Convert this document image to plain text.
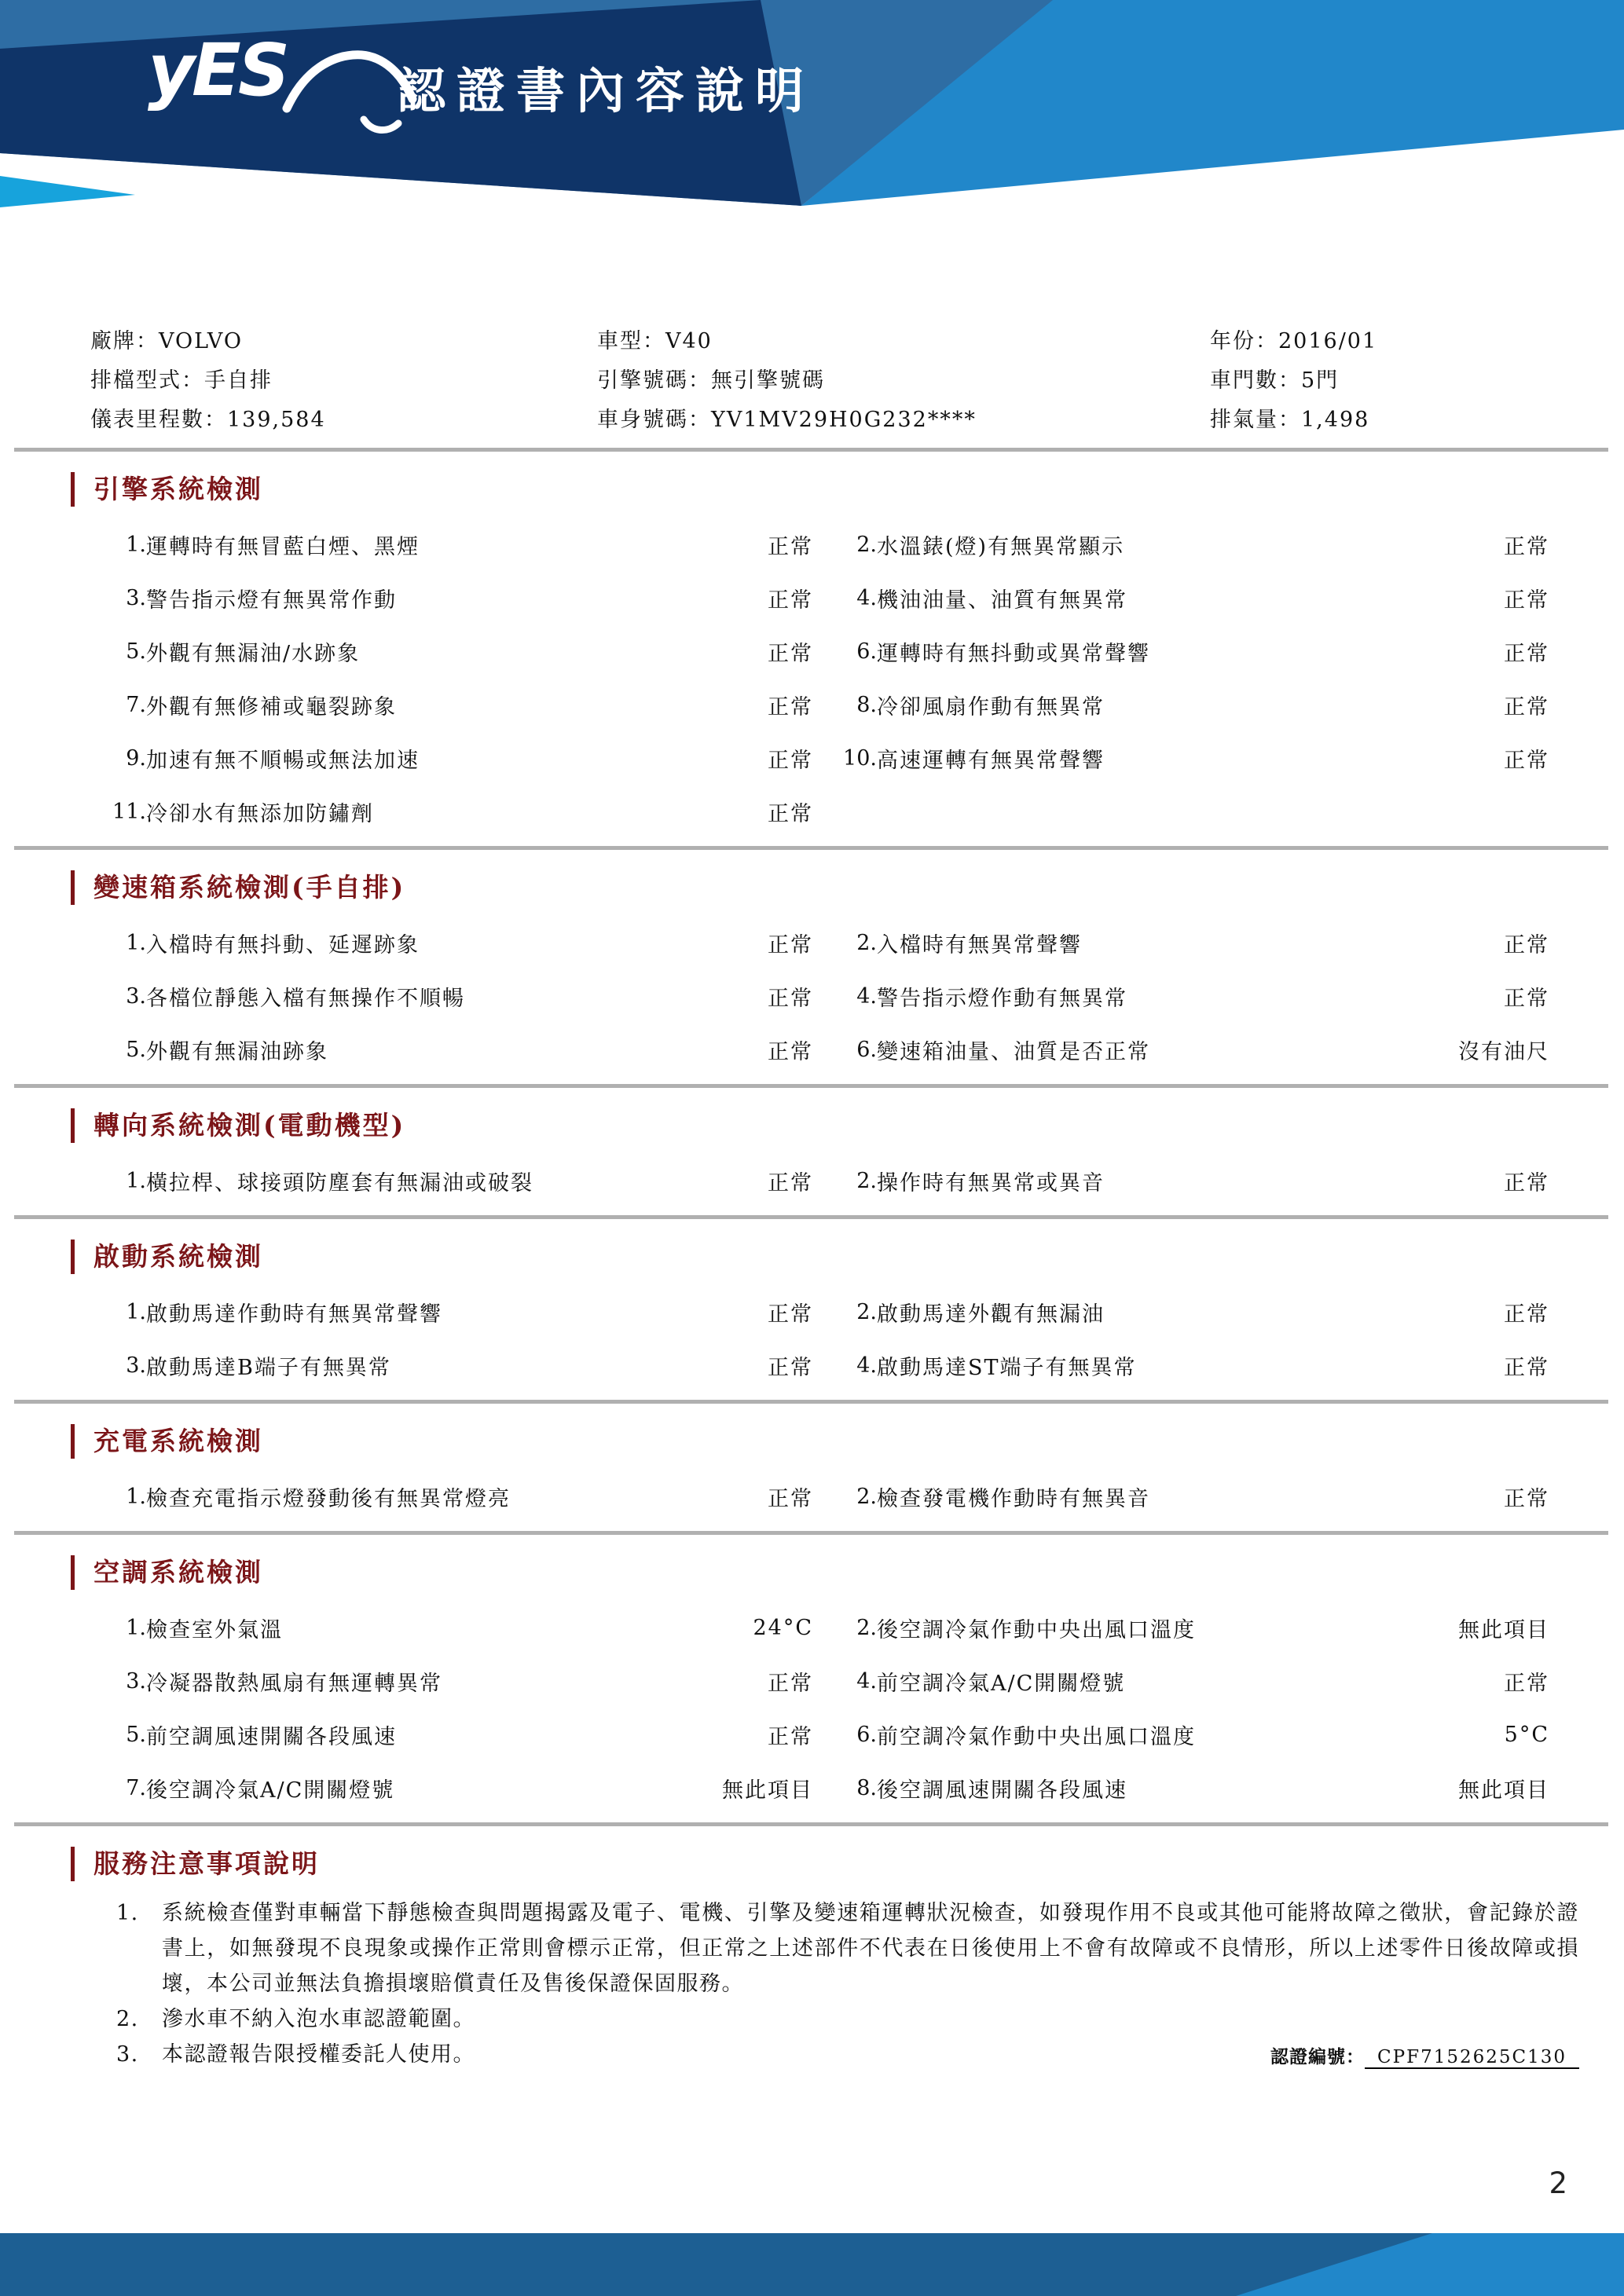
yES 認證書內容說明
廠牌：VOLVO	車型：V40	年份：2016/01
排檔型式：手自排	引擎號碼：無引擎號碼	車門數：5門
儀表里程數：139,584	車身號碼：YV1MV29H0G232****	排氣量：1,498
引擎系統檢測
1. 運轉時有無冒藍白煙、黑煙	正常	2. 水溫錶(燈)有無異常顯示	正常
3. 警告指示燈有無異常作動	正常	4. 機油油量、油質有無異常	正常
5. 外觀有無漏油/水跡象	正常	6. 運轉時有無抖動或異常聲響	正常
7. 外觀有無修補或龜裂跡象	正常	8. 冷卻風扇作動有無異常	正常
9. 加速有無不順暢或無法加速	正常	10. 高速運轉有無異常聲響	正常
11. 冷卻水有無添加防鏽劑	正常
變速箱系統檢測(手自排)
1. 入檔時有無抖動、延遲跡象	正常	2. 入檔時有無異常聲響	正常
3. 各檔位靜態入檔有無操作不順暢	正常	4. 警告指示燈作動有無異常	正常
5. 外觀有無漏油跡象	正常	6. 變速箱油量、油質是否正常	沒有油尺
轉向系統檢測(電動機型)
1. 橫拉桿、球接頭防塵套有無漏油或破裂	正常	2. 操作時有無異常或異音	正常
啟動系統檢測
1. 啟動馬達作動時有無異常聲響	正常	2. 啟動馬達外觀有無漏油	正常
3. 啟動馬達B端子有無異常	正常	4. 啟動馬達ST端子有無異常	正常
充電系統檢測
1. 檢查充電指示燈發動後有無異常燈亮	正常	2. 檢查發電機作動時有無異音	正常
空調系統檢測
1. 檢查室外氣溫	24°C	2. 後空調冷氣作動中央出風口溫度	無此項目
3. 冷凝器散熱風扇有無運轉異常	正常	4. 前空調冷氣A/C開關燈號	正常
5. 前空調風速開關各段風速	正常	6. 前空調冷氣作動中央出風口溫度	5°C
7. 後空調冷氣A/C開關燈號	無此項目	8. 後空調風速開關各段風速	無此項目
服務注意事項說明
1.	系統檢查僅對車輛當下靜態檢查與問題揭露及電子、電機、引擎及變速箱運轉狀況檢查，如發現作用不良或其他可能將故障之徵狀，會記錄於證書上，如無發現不良現象或操作正常則會標示正常，但正常之上述部件不代表在日後使用上不會有故障或不良情形，所以上述零件日後故障或損壞，本公司並無法負擔損壞賠償責任及售後保證保固服務。
2.	滲水車不納入泡水車認證範圍。
3.	本認證報告限授權委託人使用。	認證編號： CPF7152625C130
2
